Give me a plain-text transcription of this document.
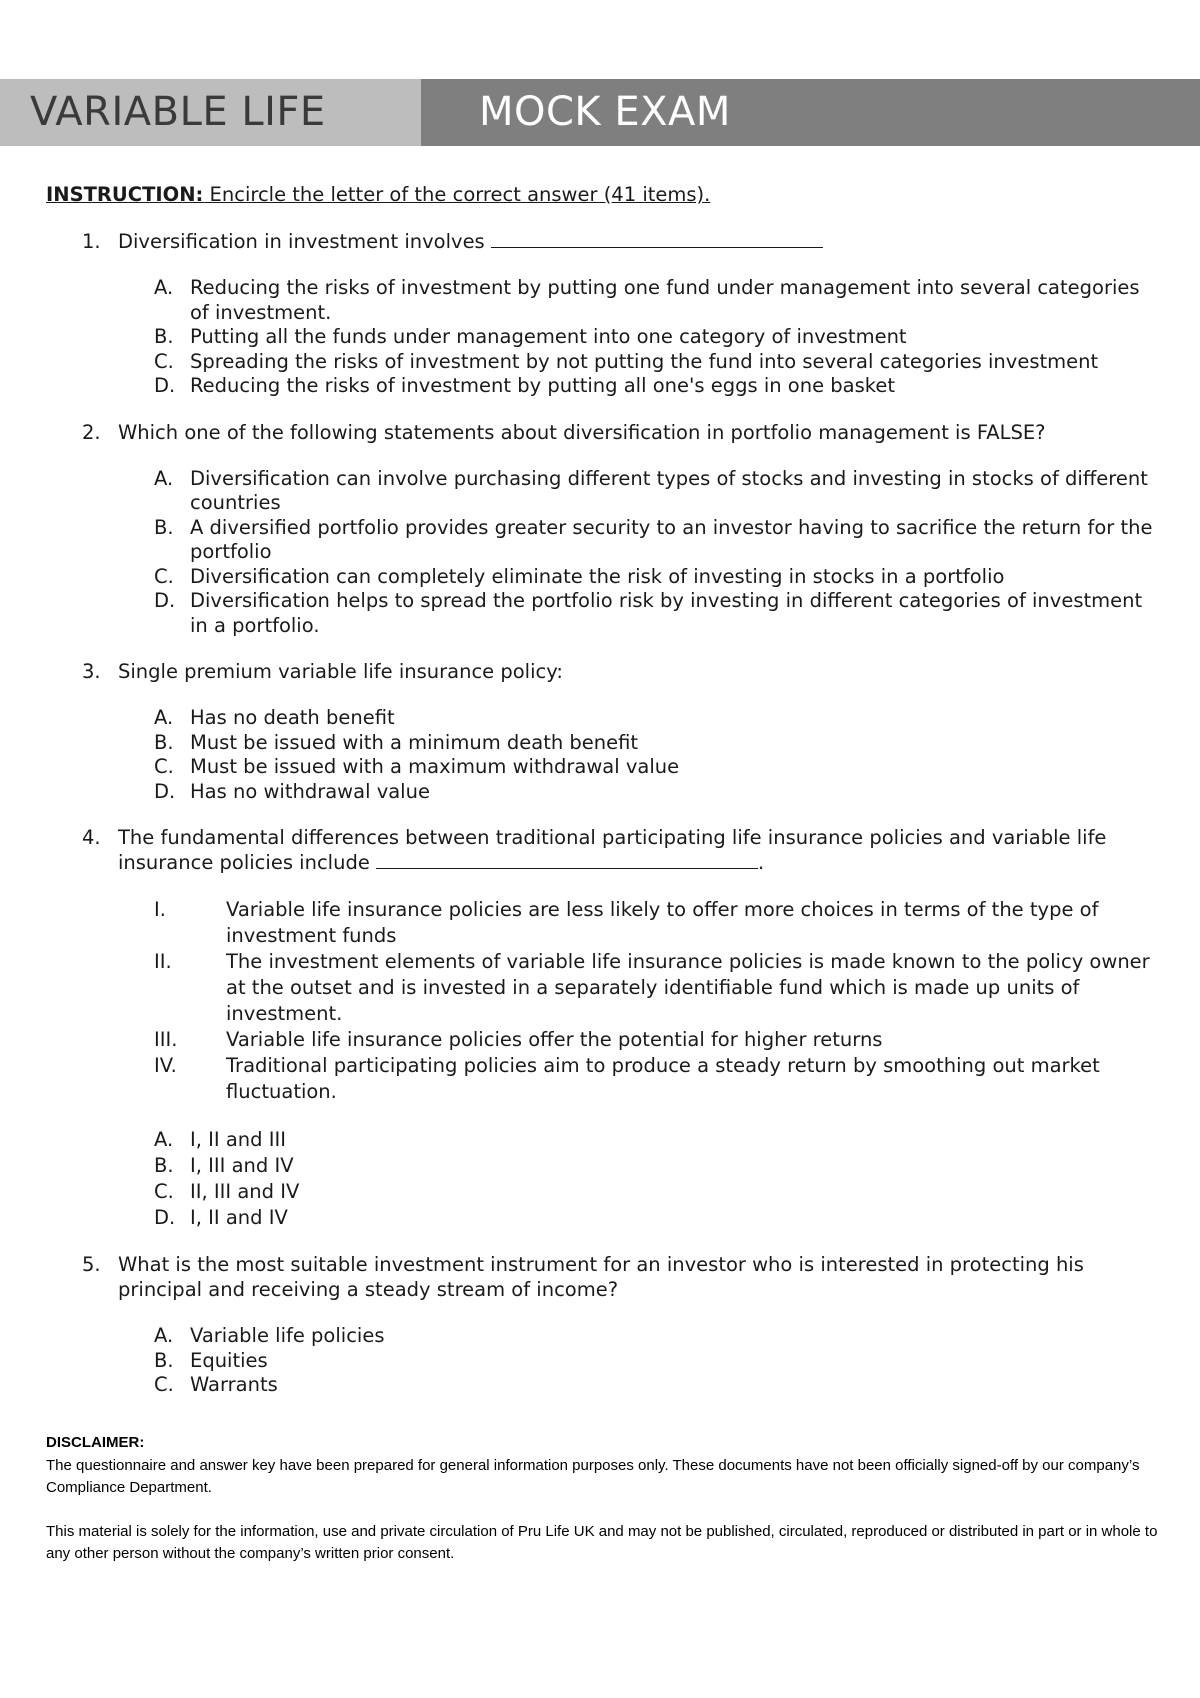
VARIABLE LIFE	MOCK EXAM
INSTRUCTION: Encircle the letter of the correct answer (41 items).
1. Diversification in investment involves
A. Reducing the risks of investment by putting one fund under management into several categories of investment.
B. Putting all the funds under management into one category of investment
C. Spreading the risks of investment by not putting the fund into several categories investment
D. Reducing the risks of investment by putting all one's eggs in one basket
2. Which one of the following statements about diversification in portfolio management is FALSE?
A. Diversification can involve purchasing different types of stocks and investing in stocks of different countries
B. A diversified portfolio provides greater security to an investor having to sacrifice the return for the portfolio
C. Diversification can completely eliminate the risk of investing in stocks in a portfolio
D. Diversification helps to spread the portfolio risk by investing in different categories of investment in a portfolio.
3. Single premium variable life insurance policy:
A. Has no death benefit
B. Must be issued with a minimum death benefit
C. Must be issued with a maximum withdrawal value
D. Has no withdrawal value
4. The fundamental differences between traditional participating life insurance policies and variable life insurance policies include	.
I.	Variable life insurance policies are less likely to offer more choices in terms of the type of investment funds
II.	The investment elements of variable life insurance policies is made known to the policy owner at the outset and is invested in a separately identifiable fund which is made up units of investment.
III.	Variable life insurance policies offer the potential for higher returns
IV.	Traditional participating policies aim to produce a steady return by smoothing out market fluctuation.
A. I, II and III
B. I, III and IV
C. II, III and IV
D. I, II and IV
5. What is the most suitable investment instrument for an investor who is interested in protecting his principal and receiving a steady stream of income?
A. Variable life policies
B. Equities
C. Warrants
DISCLAIMER:

The questionnaire and answer key have been prepared for general information purposes only. These documents have not been officially signed-off by our company’s Compliance Department.

This material is solely for the information, use and private circulation of Pru Life UK and may not be published, circulated, reproduced or distributed in part or in whole to any other person without the company’s written prior consent.
